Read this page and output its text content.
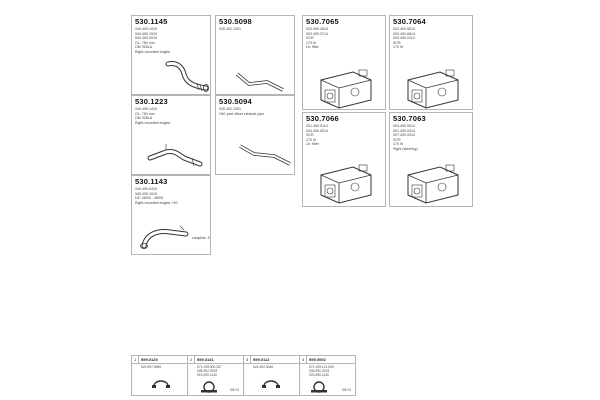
530.1145
940.490.1919
944.490.1919
944.490.0919
OL: 760 mm
OM 926LA
Right-mounted engine
530.5098
930.492.1301
530.7065
003.490.4514
003.490.3714
SCR
170 ltr
Ltr. filter
530.7064
003.490.5014
003.490.6814
004.490.0114
SCR
170 ltr
530.1223
940.490.1419
OL: 750 mm
OM 926LA
Right-mounted engine
530.5094
930.492.2301
OM; part offset exhaust pipe
530.7066
001.490.0114
004.490.0014
SCR
170 ltr
Ltr. filter
530.7063
004.490.5014
001.490.0314
007.490.0314
SCR
170 ltr
Right (steering)
530.1143
940.490.0419
940.490.1519
HZ: 08/04 - 08/05
Right-mounted engine, HG
complete -5
1 599.0125
920.997.0590
2 599.3141
071.199.000.307
026.992.2919
015.490.1140
Ø10.5
3 599.0112
024.492.3040
4 599.0052
071.199.121.000
030.990.2215
023.490.1140
Ø10.5
